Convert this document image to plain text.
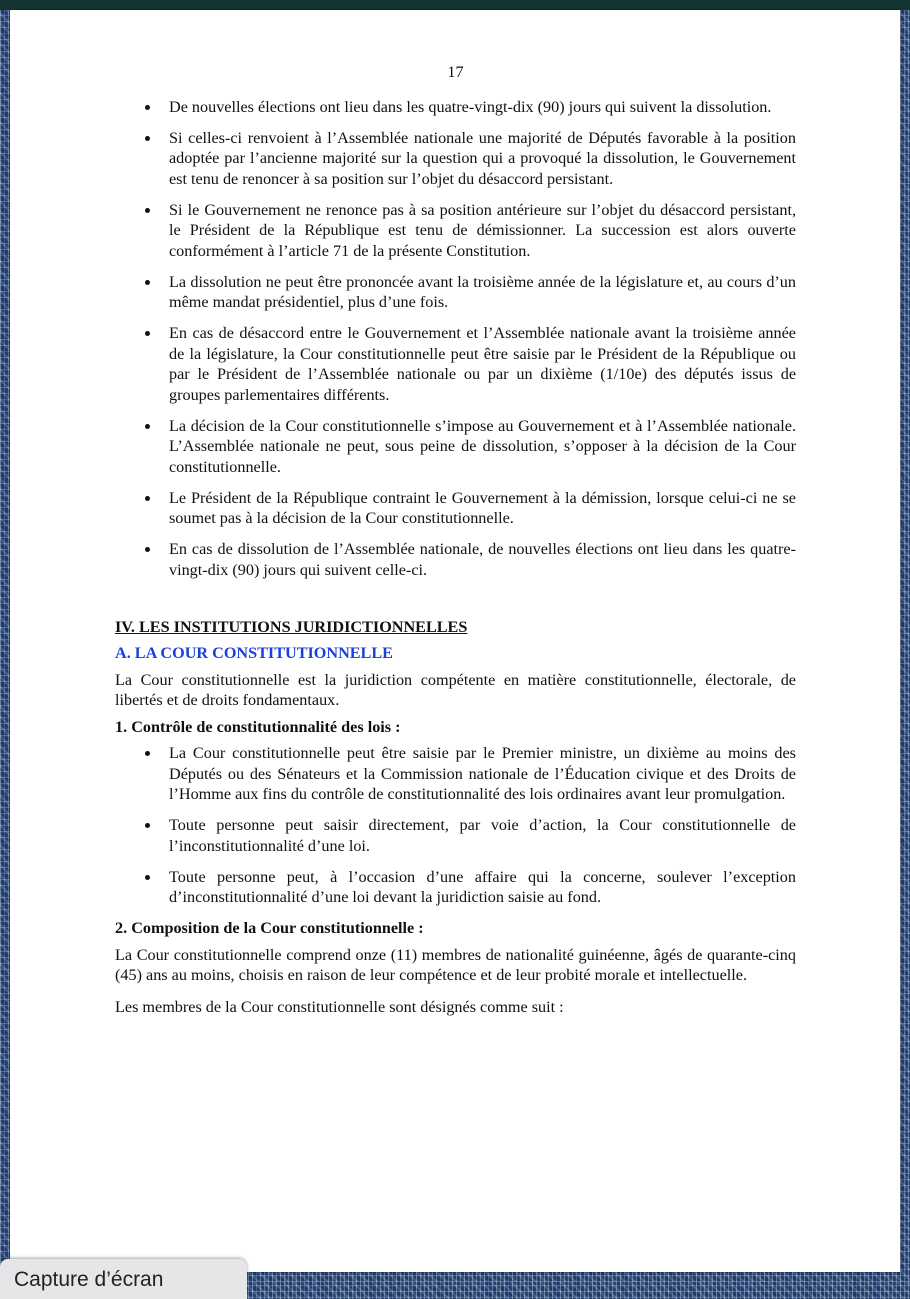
17
De nouvelles élections ont lieu dans les quatre-vingt-dix (90) jours qui suivent la dissolution.
Si celles-ci renvoient à l’Assemblée nationale une majorité de Députés favorable à la position adoptée par l’ancienne majorité sur la question qui a provoqué la dissolution, le Gouvernement est tenu de renoncer à sa position sur l’objet du désaccord persistant.
Si le Gouvernement ne renonce pas à sa position antérieure sur l’objet du désaccord persistant, le Président de la République est tenu de démissionner. La succession est alors ouverte conformément à l’article 71 de la présente Constitution.
La dissolution ne peut être prononcée avant la troisième année de la législature et, au cours d’un même mandat présidentiel, plus d’une fois.
En cas de désaccord entre le Gouvernement et l’Assemblée nationale avant la troisième année de la législature, la Cour constitutionnelle peut être saisie par le Président de la République ou par le Président de l’Assemblée nationale ou par un dixième (1/10e) des députés issus de groupes parlementaires différents.
La décision de la Cour constitutionnelle s’impose au Gouvernement et à l’Assemblée nationale. L’Assemblée nationale ne peut, sous peine de dissolution, s’opposer à la décision de la Cour constitutionnelle.
Le Président de la République contraint le Gouvernement à la démission, lorsque celui-ci ne se soumet pas à la décision de la Cour constitutionnelle.
En cas de dissolution de l’Assemblée nationale, de nouvelles élections ont lieu dans les quatre-vingt-dix (90) jours qui suivent celle-ci.
IV. LES INSTITUTIONS JURIDICTIONNELLES
A. LA COUR CONSTITUTIONNELLE

La Cour constitutionnelle est la juridiction compétente en matière constitutionnelle, électorale, de libertés et de droits fondamentaux.

1. Contrôle de constitutionnalité des lois :
La Cour constitutionnelle peut être saisie par le Premier ministre, un dixième au moins des Députés ou des Sénateurs et la Commission nationale de l’Éducation civique et des Droits de l’Homme aux fins du contrôle de constitutionnalité des lois ordinaires avant leur promulgation.
Toute personne peut saisir directement, par voie d’action, la Cour constitutionnelle de l’inconstitutionnalité d’une loi.
Toute personne peut, à l’occasion d’une affaire qui la concerne, soulever l’exception d’inconstitutionnalité d’une loi devant la juridiction saisie au fond.
2. Composition de la Cour constitutionnelle :

La Cour constitutionnelle comprend onze (11) membres de nationalité guinéenne, âgés de quarante-cinq (45) ans au moins, choisis en raison de leur compétence et de leur probité morale et intellectuelle.

Les membres de la Cour constitutionnelle sont désignés comme suit :

Capture d’écran
